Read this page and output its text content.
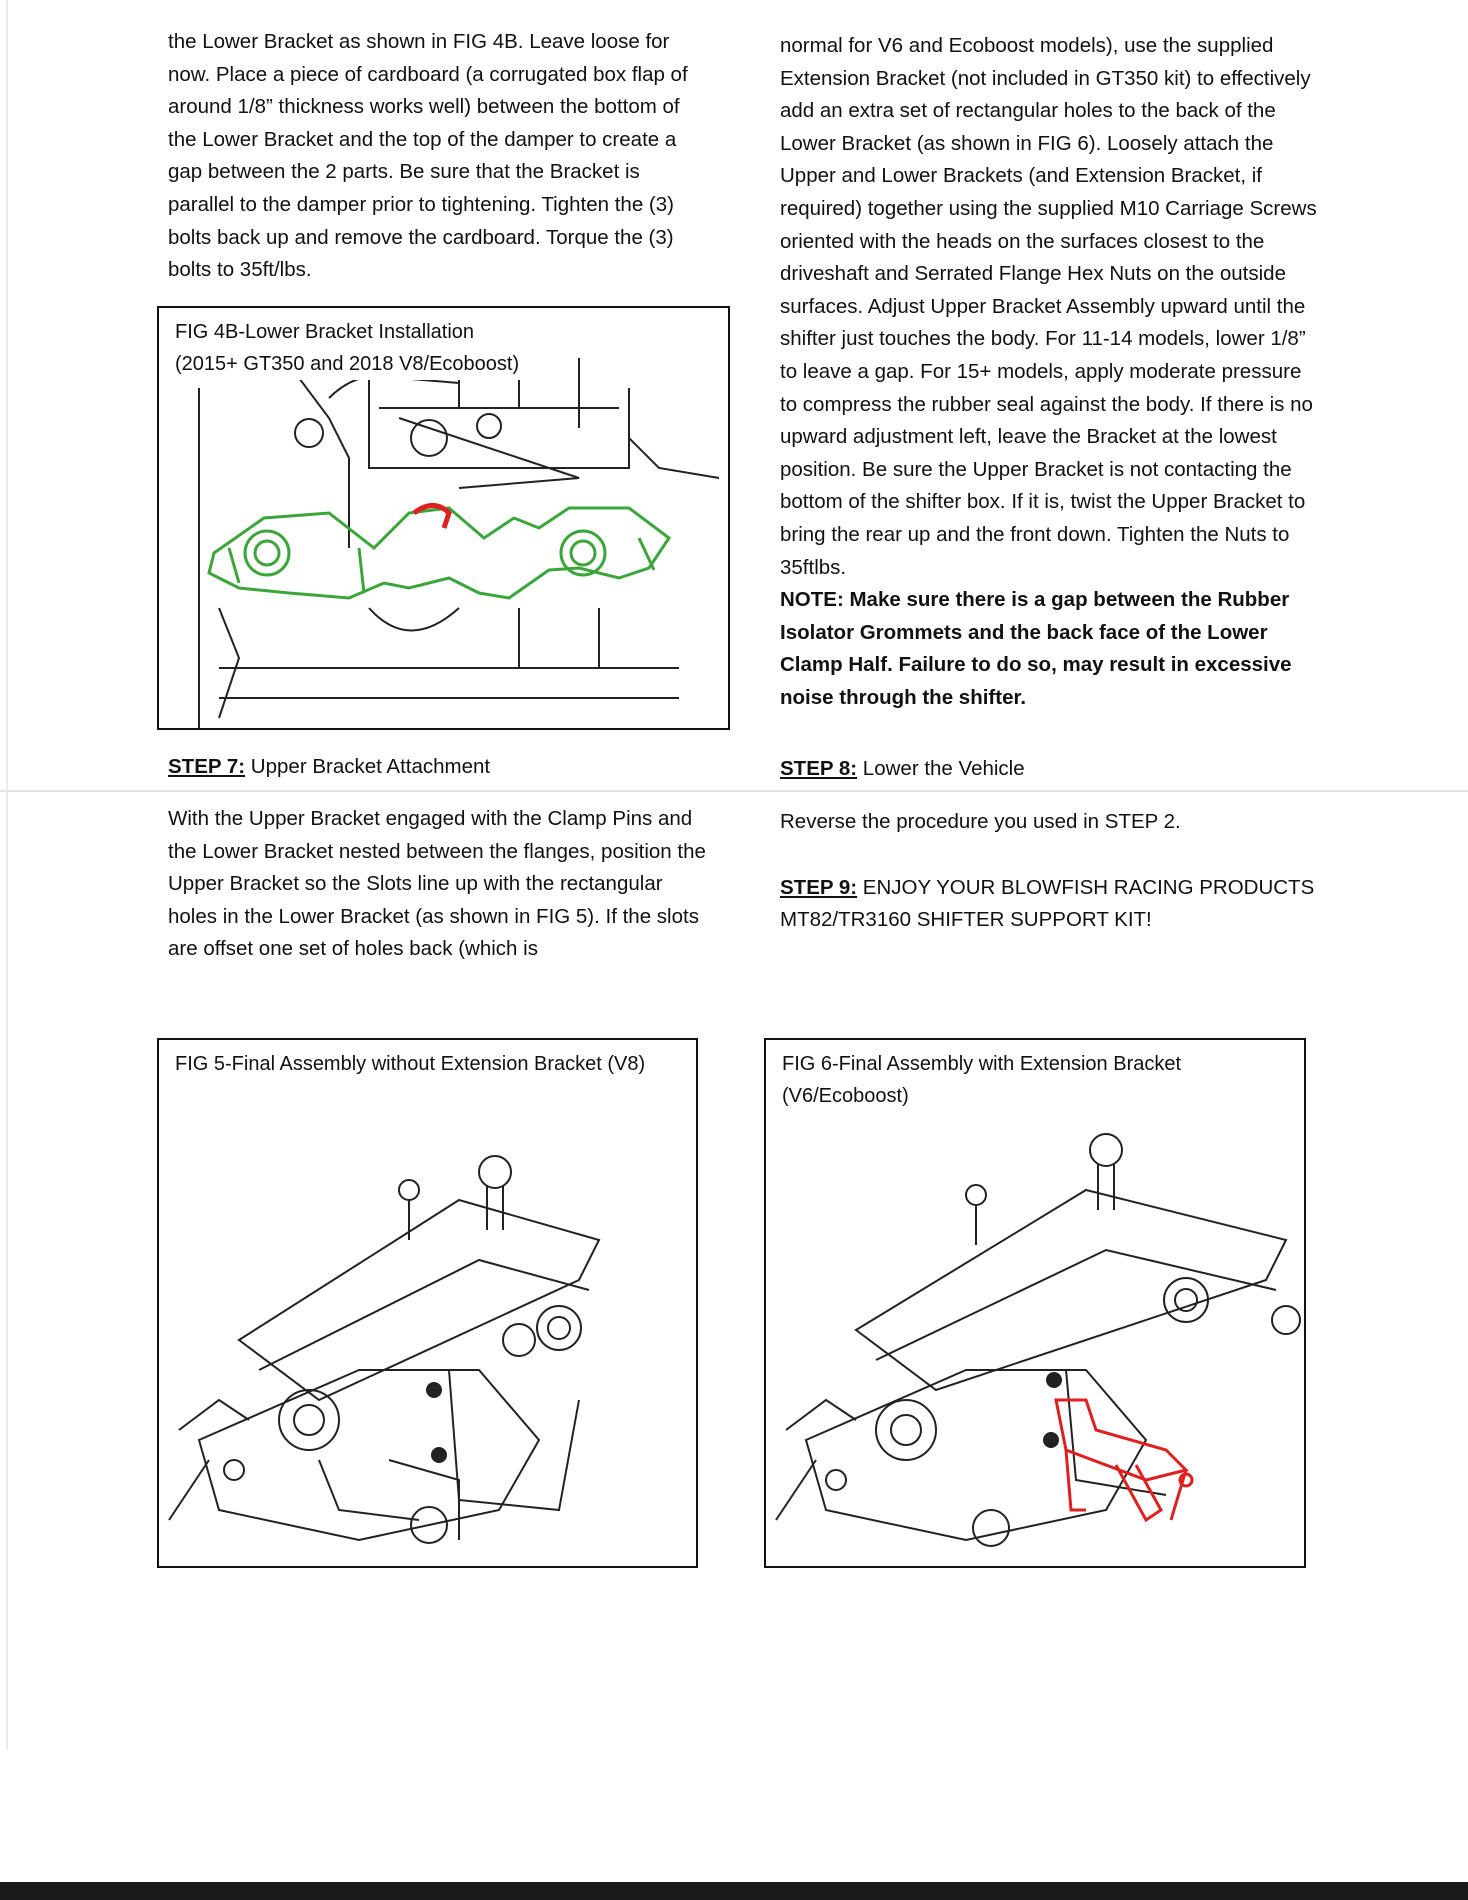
the Lower Bracket as shown in FIG 4B. Leave loose for now. Place a piece of cardboard (a corrugated box flap of around 1/8” thickness works well) between the bottom of the Lower Bracket and the top of the damper to create a gap between the 2 parts. Be sure that the Bracket is parallel to the damper prior to tightening. Tighten the (3) bolts back up and remove the cardboard. Torque the (3) bolts to 35ft/lbs.

FIG 4B-Lower Bracket Installation
(2015+ GT350 and 2018 V8/Ecoboost)
STEP 7: Upper Bracket Attachment

With the Upper Bracket engaged with the Clamp Pins and the Lower Bracket nested between the flanges, position the Upper Bracket so the Slots line up with the rectangular holes in the Lower Bracket (as shown in FIG 5). If the slots are offset one set of holes back (which is

FIG 5-Final Assembly without Extension Bracket (V8)

normal for V6 and Ecoboost models), use the supplied Extension Bracket (not included in GT350 kit) to effectively add an extra set of rectangular holes to the back of the Lower Bracket (as shown in FIG 6). Loosely attach the Upper and Lower Brackets (and Extension Bracket, if required) together using the supplied M10 Carriage Screws oriented with the heads on the surfaces closest to the driveshaft and Serrated Flange Hex Nuts on the outside surfaces. Adjust Upper Bracket Assembly upward until the shifter just touches the body. For 11-14 models, lower 1/8” to leave a gap. For 15+ models, apply moderate pressure to compress the rubber seal against the body. If there is no upward adjustment left, leave the Bracket at the lowest position. Be sure the Upper Bracket is not contacting the bottom of the shifter box. If it is, twist the Upper Bracket to bring the rear up and the front down. Tighten the Nuts to 35ftlbs.

NOTE: Make sure there is a gap between the Rubber Isolator Grommets and the back face of the Lower Clamp Half. Failure to do so, may result in excessive noise through the shifter.

STEP 8: Lower the Vehicle
Reverse the procedure you used in STEP 2.
STEP 9: ENJOY YOUR BLOWFISH RACING PRODUCTS
MT82/TR3160 SHIFTER SUPPORT KIT!
FIG 6-Final Assembly with Extension Bracket
(V6/Ecoboost)
